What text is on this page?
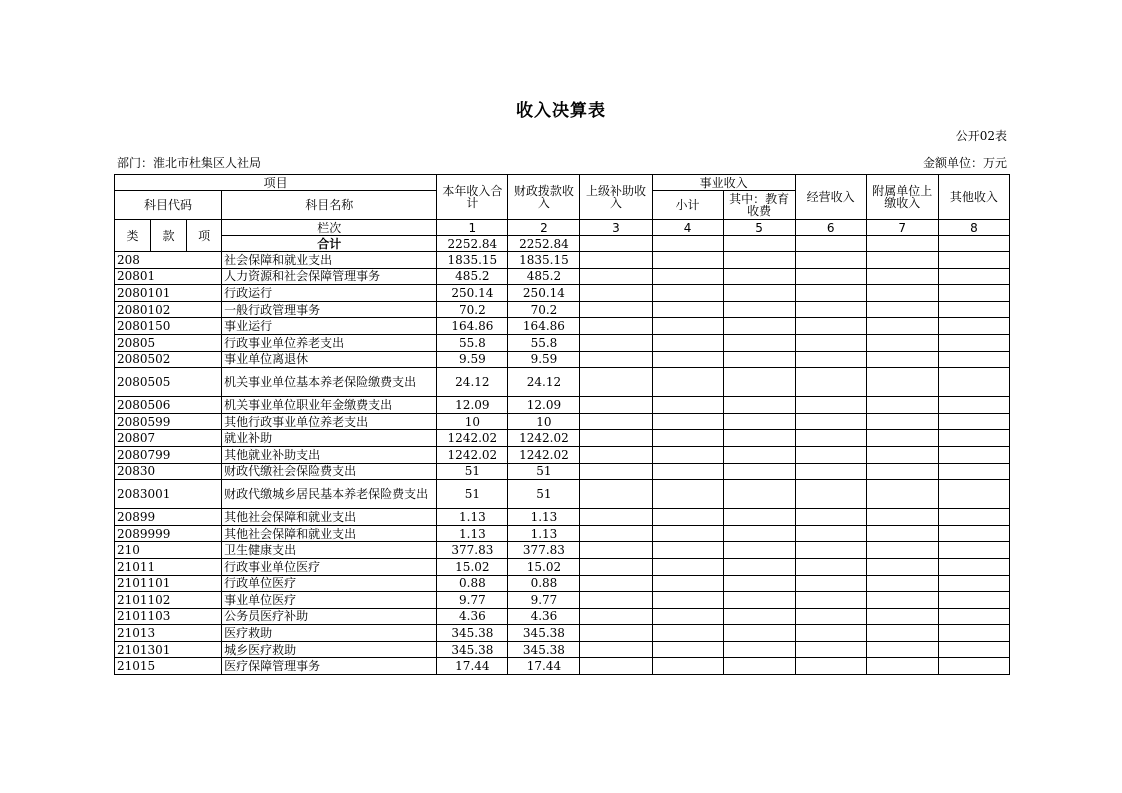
收入决算表
公开02表
部门：淮北市杜集区人社局	金额单位：万元
项目				本年收入合计	财政拨款收入	上级补助收入	事业收入		经营收入	附属单位上缴收入	其他收入
科目代码			科目名称				小计	其中：教育收费			
类	款	项	栏次	1	2	3	4	5	6	7	8
			合计	2252.84	2252.84						
208			社会保障和就业支出	1835.15	1835.15						
20801			人力资源和社会保障管理事务	485.2	485.2						
2080101			行政运行	250.14	250.14						
2080102			一般行政管理事务	70.2	70.2						
2080150			事业运行	164.86	164.86						
20805			行政事业单位养老支出	55.8	55.8						
2080502			事业单位离退休	9.59	9.59						
2080505			机关事业单位基本养老保险缴费支出	24.12	24.12						
2080506			机关事业单位职业年金缴费支出	12.09	12.09						
2080599			其他行政事业单位养老支出	10	10						
20807			就业补助	1242.02	1242.02						
2080799			其他就业补助支出	1242.02	1242.02						
20830			财政代缴社会保险费支出	51	51						
2083001			财政代缴城乡居民基本养老保险费支出	51	51						
20899			其他社会保障和就业支出	1.13	1.13						
2089999			其他社会保障和就业支出	1.13	1.13						
210			卫生健康支出	377.83	377.83						
21011			行政事业单位医疗	15.02	15.02						
2101101			行政单位医疗	0.88	0.88						
2101102			事业单位医疗	9.77	9.77						
2101103			公务员医疗补助	4.36	4.36						
21013			医疗救助	345.38	345.38						
2101301			城乡医疗救助	345.38	345.38						
21015			医疗保障管理事务	17.44	17.44						
